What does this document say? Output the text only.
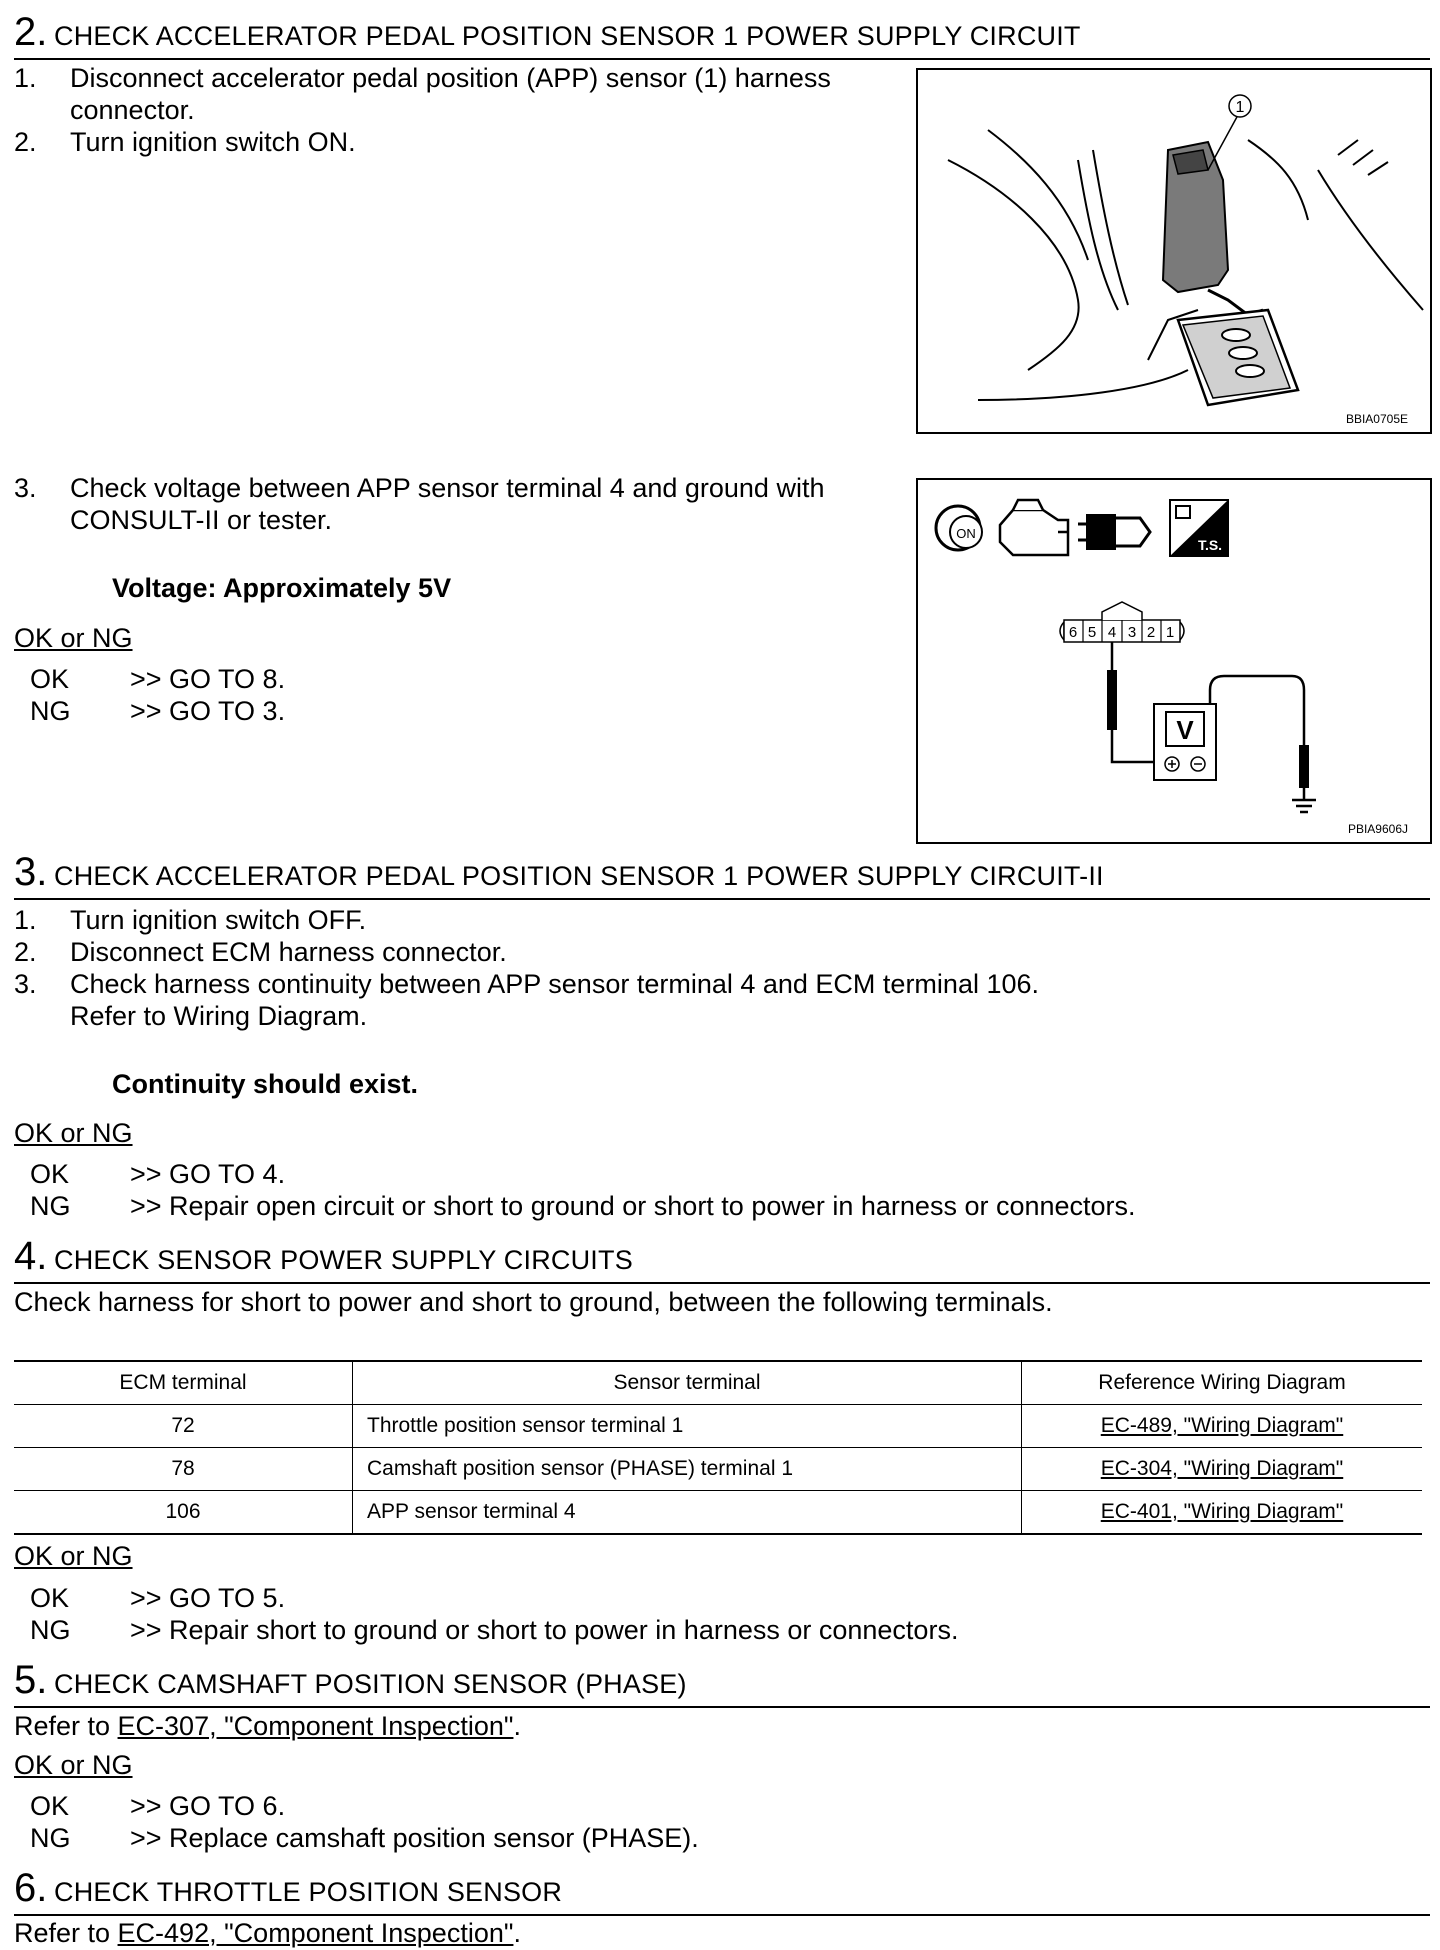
2. CHECK ACCELERATOR PEDAL POSITION SENSOR 1 POWER SUPPLY CIRCUIT
1. Disconnect accelerator pedal position (APP) sensor (1) harness
connector.
2. Turn ignition switch ON.
1
BBIA0705E
3. Check voltage between APP sensor terminal 4 and ground with
CONSULT-II or tester.
Voltage: Approximately 5V
OK or NG
OK >> GO TO 8.
NG >> GO TO 3.
ON
T.S.
6 5 4 3 2 1
V
PBIA9606J
3. CHECK ACCELERATOR PEDAL POSITION SENSOR 1 POWER SUPPLY CIRCUIT-II
1. Turn ignition switch OFF.
2. Disconnect ECM harness connector.
3. Check harness continuity between APP sensor terminal 4 and ECM terminal 106.
Refer to Wiring Diagram.
Continuity should exist.
OK or NG
OK >> GO TO 4.
NG >> Repair open circuit or short to ground or short to power in harness or connectors.
4. CHECK SENSOR POWER SUPPLY CIRCUITS
Check harness for short to power and short to ground, between the following terminals.
ECM terminal	Sensor terminal	Reference Wiring Diagram
72	Throttle position sensor terminal 1	EC-489, "Wiring Diagram"
78	Camshaft position sensor (PHASE) terminal 1	EC-304, "Wiring Diagram"
106	APP sensor terminal 4	EC-401, "Wiring Diagram"
OK or NG
OK >> GO TO 5.
NG >> Repair short to ground or short to power in harness or connectors.
5. CHECK CAMSHAFT POSITION SENSOR (PHASE)
Refer to EC-307, "Component Inspection".
OK or NG
OK >> GO TO 6.
NG >> Replace camshaft position sensor (PHASE).
6. CHECK THROTTLE POSITION SENSOR
Refer to EC-492, "Component Inspection".
